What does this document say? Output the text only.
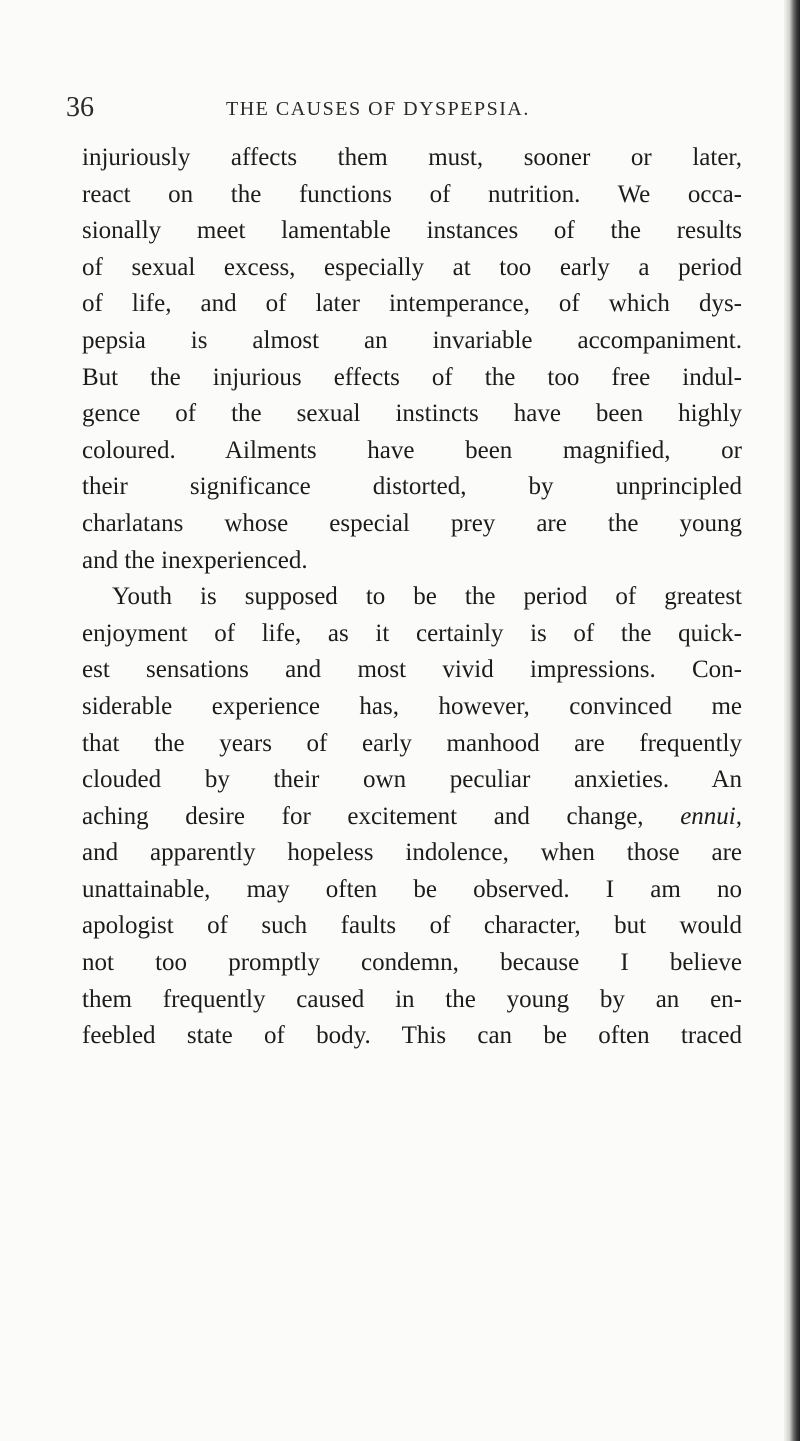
36	THE CAUSES OF DYSPEPSIA.
injuriously affects them must, sooner or later,
react on the functions of nutrition. We occa-
sionally meet lamentable instances of the results
of sexual excess, especially at too early a period
of life, and of later intemperance, of which dys-
pepsia is almost an invariable accompaniment.
But the injurious effects of the too free indul-
gence of the sexual instincts have been highly
coloured. Ailments have been magnified, or
their significance distorted, by unprincipled
charlatans whose especial prey are the young
and the inexperienced.
Youth is supposed to be the period of greatest
enjoyment of life, as it certainly is of the quick-
est sensations and most vivid impressions. Con-
siderable experience has, however, convinced me
that the years of early manhood are frequently
clouded by their own peculiar anxieties. An
aching desire for excitement and change, ennui,
and apparently hopeless indolence, when those are
unattainable, may often be observed. I am no
apologist of such faults of character, but would
not too promptly condemn, because I believe
them frequently caused in the young by an en-
feebled state of body. This can be often traced
